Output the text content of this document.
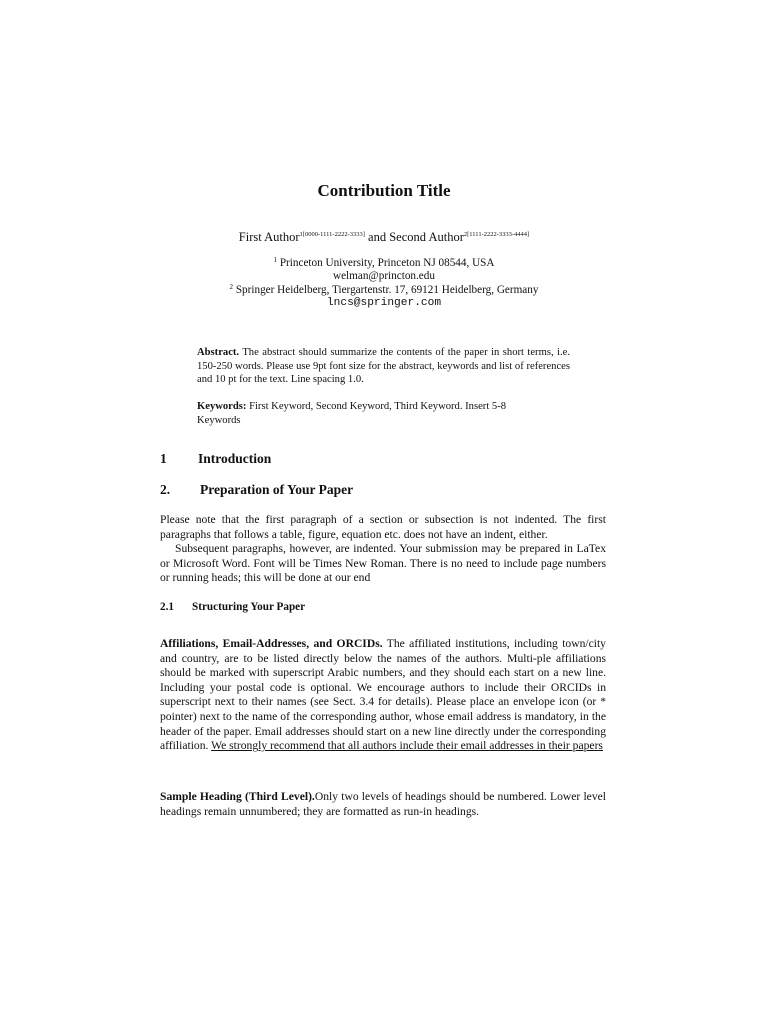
Contribution Title
First Author$^{1[0000-1111-2222-3333]}$ and Second Author$^{2[1111-2222-3333-4444]}$
$^1$ Princeton University, Princeton NJ 08544, USA
welman@princton.edu
$^2$ Springer Heidelberg, Tiergartenstr. 17, 69121 Heidelberg, Germany
lncs@springer.com
Abstract. The abstract should summarize the contents of the paper in short terms, i.e. 150-250 words. Please use 9pt font size for the abstract, keywords and list of references and 10 pt for the text. Line spacing 1.0.
Keywords: First Keyword, Second Keyword, Third Keyword. Insert 5-8 Keywords
1 Introduction
2. Preparation of Your Paper

Please note that the first paragraph of a section or subsection is not indented. The first paragraphs that follows a table, figure, equation etc. does not have an indent, either.

Subsequent paragraphs, however, are indented. Your submission may be prepared in LaTex or Microsoft Word. Font will be Times New Roman. There is no need to include page numbers or running heads; this will be done at our end

2.1 Structuring Your Paper
Affiliations, Email-Addresses, and ORCIDs. The affiliated institutions, including town/city and country, are to be listed directly below the names of the authors. Multi-ple affiliations should be marked with superscript Arabic numbers, and they should each start on a new line. Including your postal code is optional. We encourage authors to include their ORCIDs in superscript next to their names (see Sect. 3.4 for details). Please place an envelope icon (or * pointer) next to the name of the corresponding author, whose email address is mandatory, in the header of the paper. Email addresses should start on a new line directly under the corresponding affiliation. We strongly recommend that all authors include their email addresses in their papers
Sample Heading (Third Level).Only two levels of headings should be numbered. Lower level headings remain unnumbered; they are formatted as run-in headings.
